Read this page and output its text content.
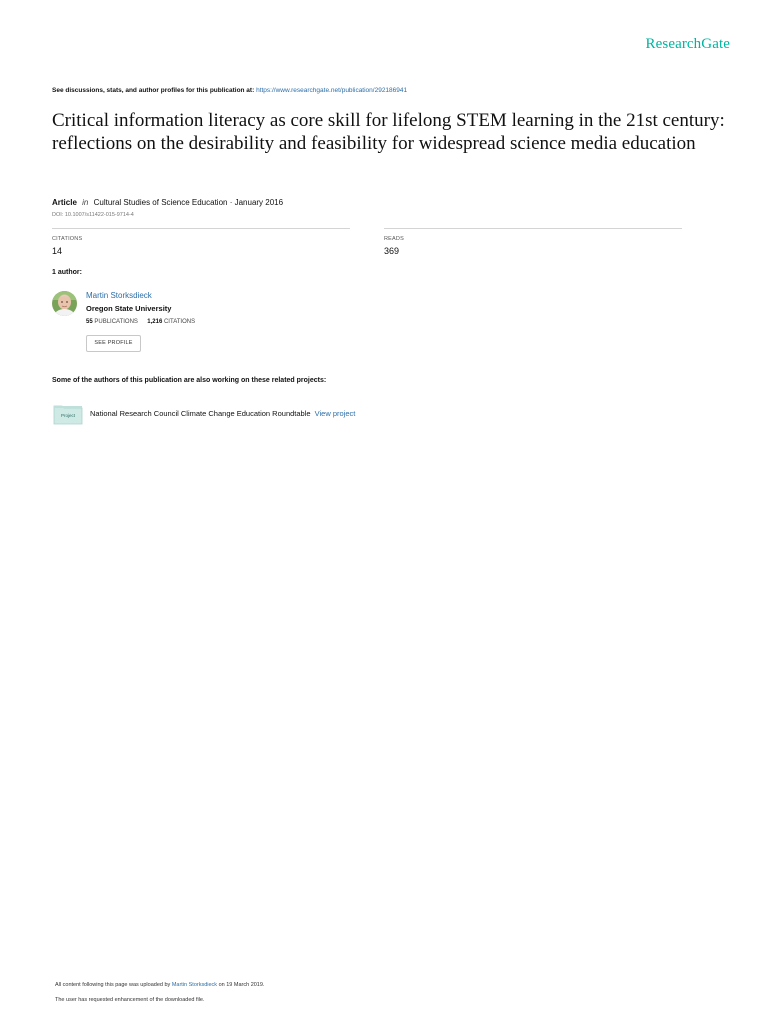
ResearchGate
See discussions, stats, and author profiles for this publication at: https://www.researchgate.net/publication/292186941
Critical information literacy as core skill for lifelong STEM learning in the 21st century: reflections on the desirability and feasibility for widespread science media education
Article in Cultural Studies of Science Education · January 2016
DOI: 10.1007/s11422-015-9714-4
CITATIONS
14
READS
369
1 author:
Martin Storksdieck
Oregon State University
55 PUBLICATIONS 1,216 CITATIONS
SEE PROFILE
Some of the authors of this publication are also working on these related projects:
Project	National Research Council Climate Change Education Roundtable View project
All content following this page was uploaded by Martin Storksdieck on 19 March 2019.
The user has requested enhancement of the downloaded file.
